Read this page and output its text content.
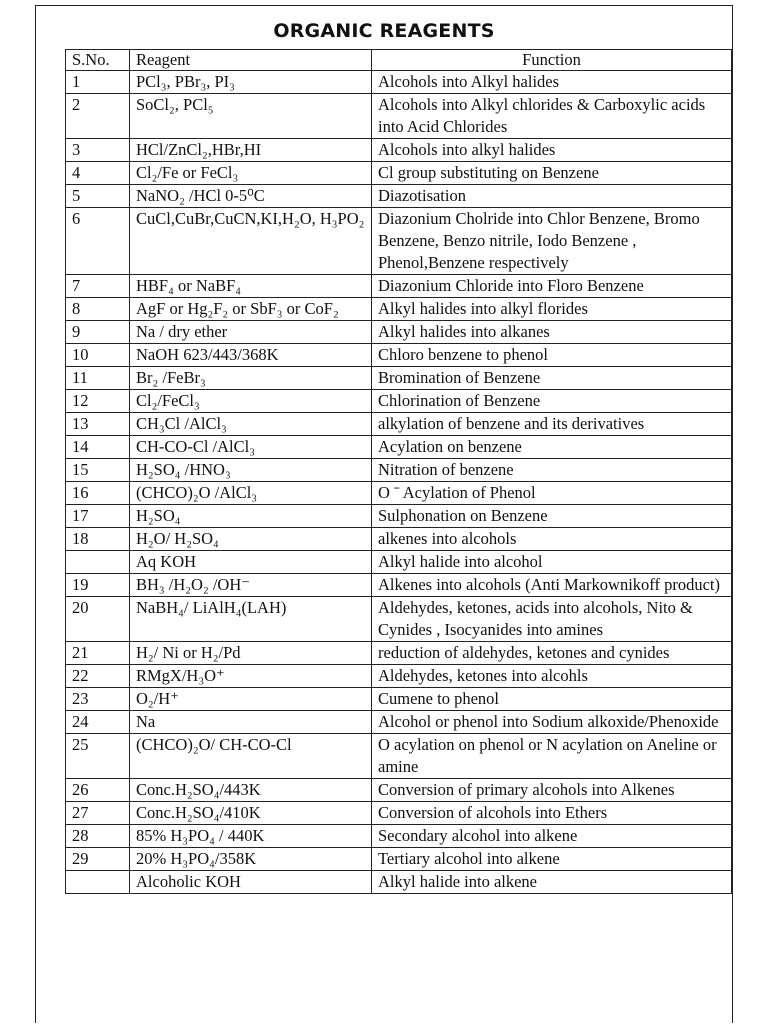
ORGANIC REAGENTS
S.No.	Reagent	Function
1	PCl₃, PBr₃, PI₃	Alcohols into Alkyl halides
2	SoCl₂, PCl₅	Alcohols into Alkyl chlorides & Carboxylic acids into Acid Chlorides
3	HCl/ZnCl₂,HBr,HI	Alcohols into alkyl halides
4	Cl₂/Fe or FeCl₃	Cl group substituting on Benzene
5	NaNO₂ /HCl 0-5⁰C	Diazotisation
6	CuCl,CuBr,CuCN,KI,H₂O, H₃PO₂	Diazonium Cholride into Chlor Benzene, Bromo Benzene, Benzo nitrile, Iodo Benzene , Phenol,Benzene respectively
7	HBF₄ or NaBF₄	Diazonium Chloride into Floro Benzene
8	AgF or Hg₂F₂ or SbF₃ or CoF₂	Alkyl halides into alkyl florides
9	Na / dry ether	Alkyl halides into alkanes
10	NaOH 623/443/368K	Chloro benzene to phenol
11	Br₂ /FeBr₃	Bromination of Benzene
12	Cl₂/FeCl₃	Chlorination of Benzene
13	CH₃Cl /AlCl₃	alkylation of benzene and its derivatives
14	CH-CO-Cl /AlCl₃	Acylation on benzene
15	H₂SO₄ /HNO₃	Nitration of benzene
16	(CHCO)₂O /AlCl₃	O ˉ Acylation of Phenol
17	H₂SO₄	Sulphonation on Benzene
18	H₂O/ H₂SO₄	alkenes into alcohols
	Aq KOH	Alkyl halide into alcohol
19	BH₃ /H₂O₂ /OH⁻	Alkenes into alcohols (Anti Markownikoff product)
20	NaBH₄/ LiAlH₄(LAH)	Aldehydes, ketones, acids into alcohols, Nito & Cynides , Isocyanides into amines
21	H₂/ Ni or H₂/Pd	reduction of aldehydes, ketones and cynides
22	RMgX/H₃O⁺	Aldehydes, ketones into alcohls
23	O₂/H⁺	Cumene to phenol
24	Na	Alcohol or phenol into Sodium alkoxide/Phenoxide
25	(CHCO)₂O/ CH-CO-Cl	O acylation on phenol or N acylation on Aneline or amine
26	Conc.H₂SO₄/443K	Conversion of primary alcohols into Alkenes
27	Conc.H₂SO₄/410K	Conversion of alcohols into Ethers
28	85% H₃PO₄ / 440K	Secondary alcohol into alkene
29	20% H₃PO₄/358K	Tertiary alcohol into alkene
	Alcoholic KOH	Alkyl halide into alkene
